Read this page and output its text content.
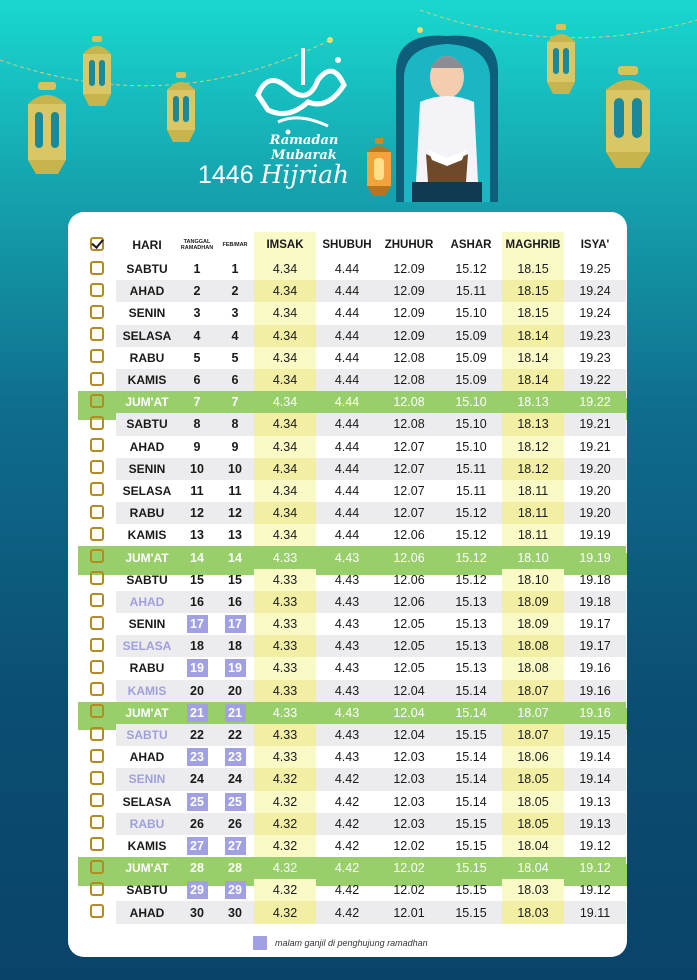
Ramadan Mubarak
1446 Hijriah
	HARI	TANGGAL
RAMADHAN	FEB/MAR	IMSAK	SHUBUH	ZHUHUR	ASHAR	MAGHRIB	ISYA'
	SABTU	1	1	4.34	4.44	12.09	15.12	18.15	19.25
	AHAD	2	2	4.34	4.44	12.09	15.11	18.15	19.24
	SENIN	3	3	4.34	4.44	12.09	15.10	18.15	19.24
	SELASA	4	4	4.34	4.44	12.09	15.09	18.14	19.23
	RABU	5	5	4.34	4.44	12.08	15.09	18.14	19.23
	KAMIS	6	6	4.34	4.44	12.08	15.09	18.14	19.22
	JUM'AT	7	7	4.34	4.44	12.08	15.10	18.13	19.22
	SABTU	8	8	4.34	4.44	12.08	15.10	18.13	19.21
	AHAD	9	9	4.34	4.44	12.07	15.10	18.12	19.21
	SENIN	10	10	4.34	4.44	12.07	15.11	18.12	19.20
	SELASA	11	11	4.34	4.44	12.07	15.11	18.11	19.20
	RABU	12	12	4.34	4.44	12.07	15.12	18.11	19.20
	KAMIS	13	13	4.34	4.44	12.06	15.12	18.11	19.19
	JUM'AT	14	14	4.33	4.43	12.06	15.12	18.10	19.19
	SABTU	15	15	4.33	4.43	12.06	15.12	18.10	19.18
	AHAD	16	16	4.33	4.43	12.06	15.13	18.09	19.18
	SENIN	17	17	4.33	4.43	12.05	15.13	18.09	19.17
	SELASA	18	18	4.33	4.43	12.05	15.13	18.08	19.17
	RABU	19	19	4.33	4.43	12.05	15.13	18.08	19.16
	KAMIS	20	20	4.33	4.43	12.04	15.14	18.07	19.16
	JUM'AT	21	21	4.33	4.43	12.04	15.14	18.07	19.16
	SABTU	22	22	4.33	4.43	12.04	15.15	18.07	19.15
	AHAD	23	23	4.33	4.43	12.03	15.14	18.06	19.14
	SENIN	24	24	4.32	4.42	12.03	15.14	18.05	19.14
	SELASA	25	25	4.32	4.42	12.03	15.14	18.05	19.13
	RABU	26	26	4.32	4.42	12.03	15.15	18.05	19.13
	KAMIS	27	27	4.32	4.42	12.02	15.15	18.04	19.12
	JUM'AT	28	28	4.32	4.42	12.02	15.15	18.04	19.12
	SABTU	29	29	4.32	4.42	12.02	15.15	18.03	19.12
	AHAD	30	30	4.32	4.42	12.01	15.15	18.03	19.11
malam ganjil di penghujung ramadhan
